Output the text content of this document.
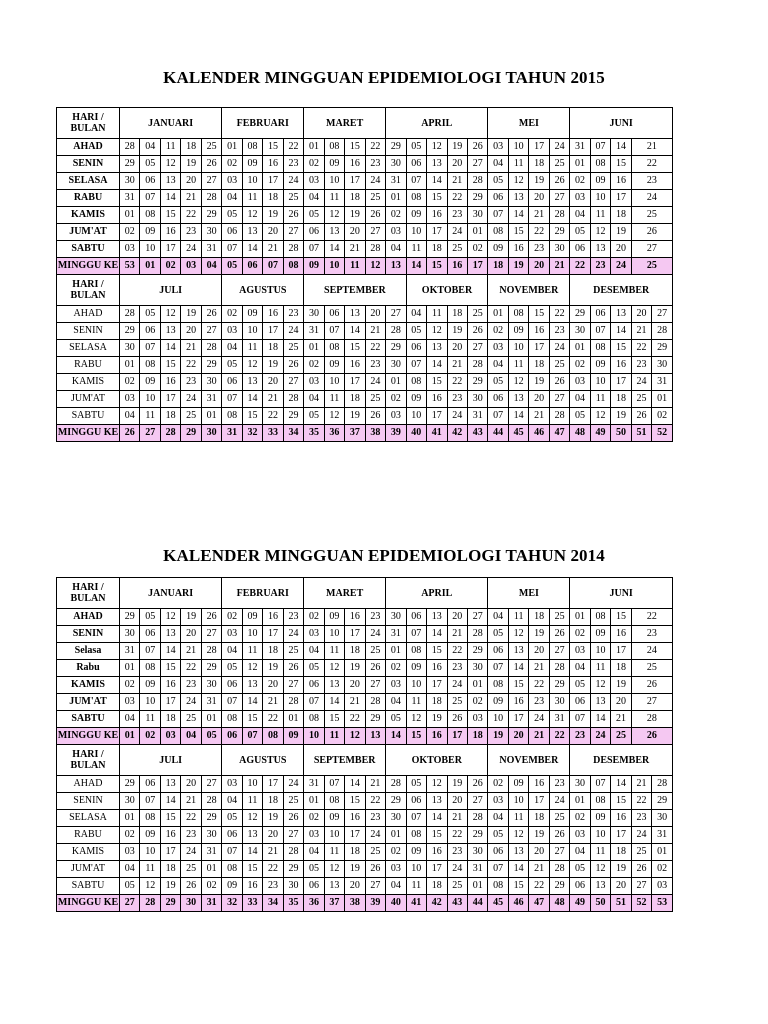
KALENDER MINGGUAN EPIDEMIOLOGI TAHUN 2015
HARI /
BULAN	JANUARI					FEBRUARI				MARET				APRIL					MEI				JUNI				
AHAD	28	04	11	18	25	01	08	15	22	01	08	15	22	29	05	12	19	26	03	10	17	24	31	07	14	21	
SENIN	29	05	12	19	26	02	09	16	23	02	09	16	23	30	06	13	20	27	04	11	18	25	01	08	15	22	
SELASA	30	06	13	20	27	03	10	17	24	03	10	17	24	31	07	14	21	28	05	12	19	26	02	09	16	23	
RABU	31	07	14	21	28	04	11	18	25	04	11	18	25	01	08	15	22	29	06	13	20	27	03	10	17	24	
KAMIS	01	08	15	22	29	05	12	19	26	05	12	19	26	02	09	16	23	30	07	14	21	28	04	11	18	25	
JUM'AT	02	09	16	23	30	06	13	20	27	06	13	20	27	03	10	17	24	01	08	15	22	29	05	12	19	26	
SABTU	03	10	17	24	31	07	14	21	28	07	14	21	28	04	11	18	25	02	09	16	23	30	06	13	20	27	
MINGGU KE	53	01	02	03	04	05	06	07	08	09	10	11	12	13	14	15	16	17	18	19	20	21	22	23	24	25	
HARI /
BULAN	JULI					AGUSTUS				SEPTEMBER					OKTOBER				NOVEMBER				DESEMBER				
AHAD	28	05	12	19	26	02	09	16	23	30	06	13	20	27	04	11	18	25	01	08	15	22	29	06	13	20	27
SENIN	29	06	13	20	27	03	10	17	24	31	07	14	21	28	05	12	19	26	02	09	16	23	30	07	14	21	28
SELASA	30	07	14	21	28	04	11	18	25	01	08	15	22	29	06	13	20	27	03	10	17	24	01	08	15	22	29
RABU	01	08	15	22	29	05	12	19	26	02	09	16	23	30	07	14	21	28	04	11	18	25	02	09	16	23	30
KAMIS	02	09	16	23	30	06	13	20	27	03	10	17	24	01	08	15	22	29	05	12	19	26	03	10	17	24	31
JUM'AT	03	10	17	24	31	07	14	21	28	04	11	18	25	02	09	16	23	30	06	13	20	27	04	11	18	25	01
SABTU	04	11	18	25	01	08	15	22	29	05	12	19	26	03	10	17	24	31	07	14	21	28	05	12	19	26	02
MINGGU KE	26	27	28	29	30	31	32	33	34	35	36	37	38	39	40	41	42	43	44	45	46	47	48	49	50	51	52
KALENDER MINGGUAN EPIDEMIOLOGI TAHUN 2014
HARI /
BULAN	JANUARI					FEBRUARI				MARET				APRIL					MEI				JUNI				
AHAD	29	05	12	19	26	02	09	16	23	02	09	16	23	30	06	13	20	27	04	11	18	25	01	08	15	22	
SENIN	30	06	13	20	27	03	10	17	24	03	10	17	24	31	07	14	21	28	05	12	19	26	02	09	16	23	
Selasa	31	07	14	21	28	04	11	18	25	04	11	18	25	01	08	15	22	29	06	13	20	27	03	10	17	24	
Rabu	01	08	15	22	29	05	12	19	26	05	12	19	26	02	09	16	23	30	07	14	21	28	04	11	18	25	
KAMIS	02	09	16	23	30	06	13	20	27	06	13	20	27	03	10	17	24	01	08	15	22	29	05	12	19	26	
JUM'AT	03	10	17	24	31	07	14	21	28	07	14	21	28	04	11	18	25	02	09	16	23	30	06	13	20	27	
SABTU	04	11	18	25	01	08	15	22	01	08	15	22	29	05	12	19	26	03	10	17	24	31	07	14	21	28	
MINGGU KE	01	02	03	04	05	06	07	08	09	10	11	12	13	14	15	16	17	18	19	20	21	22	23	24	25	26	
HARI /
BULAN	JULI					AGUSTUS				SEPTEMBER				OKTOBER					NOVEMBER				DESEMBER				
AHAD	29	06	13	20	27	03	10	17	24	31	07	14	21	28	05	12	19	26	02	09	16	23	30	07	14	21	28
SENIN	30	07	14	21	28	04	11	18	25	01	08	15	22	29	06	13	20	27	03	10	17	24	01	08	15	22	29
SELASA	01	08	15	22	29	05	12	19	26	02	09	16	23	30	07	14	21	28	04	11	18	25	02	09	16	23	30
RABU	02	09	16	23	30	06	13	20	27	03	10	17	24	01	08	15	22	29	05	12	19	26	03	10	17	24	31
KAMIS	03	10	17	24	31	07	14	21	28	04	11	18	25	02	09	16	23	30	06	13	20	27	04	11	18	25	01
JUM'AT	04	11	18	25	01	08	15	22	29	05	12	19	26	03	10	17	24	31	07	14	21	28	05	12	19	26	02
SABTU	05	12	19	26	02	09	16	23	30	06	13	20	27	04	11	18	25	01	08	15	22	29	06	13	20	27	03
MINGGU KE	27	28	29	30	31	32	33	34	35	36	37	38	39	40	41	42	43	44	45	46	47	48	49	50	51	52	53
